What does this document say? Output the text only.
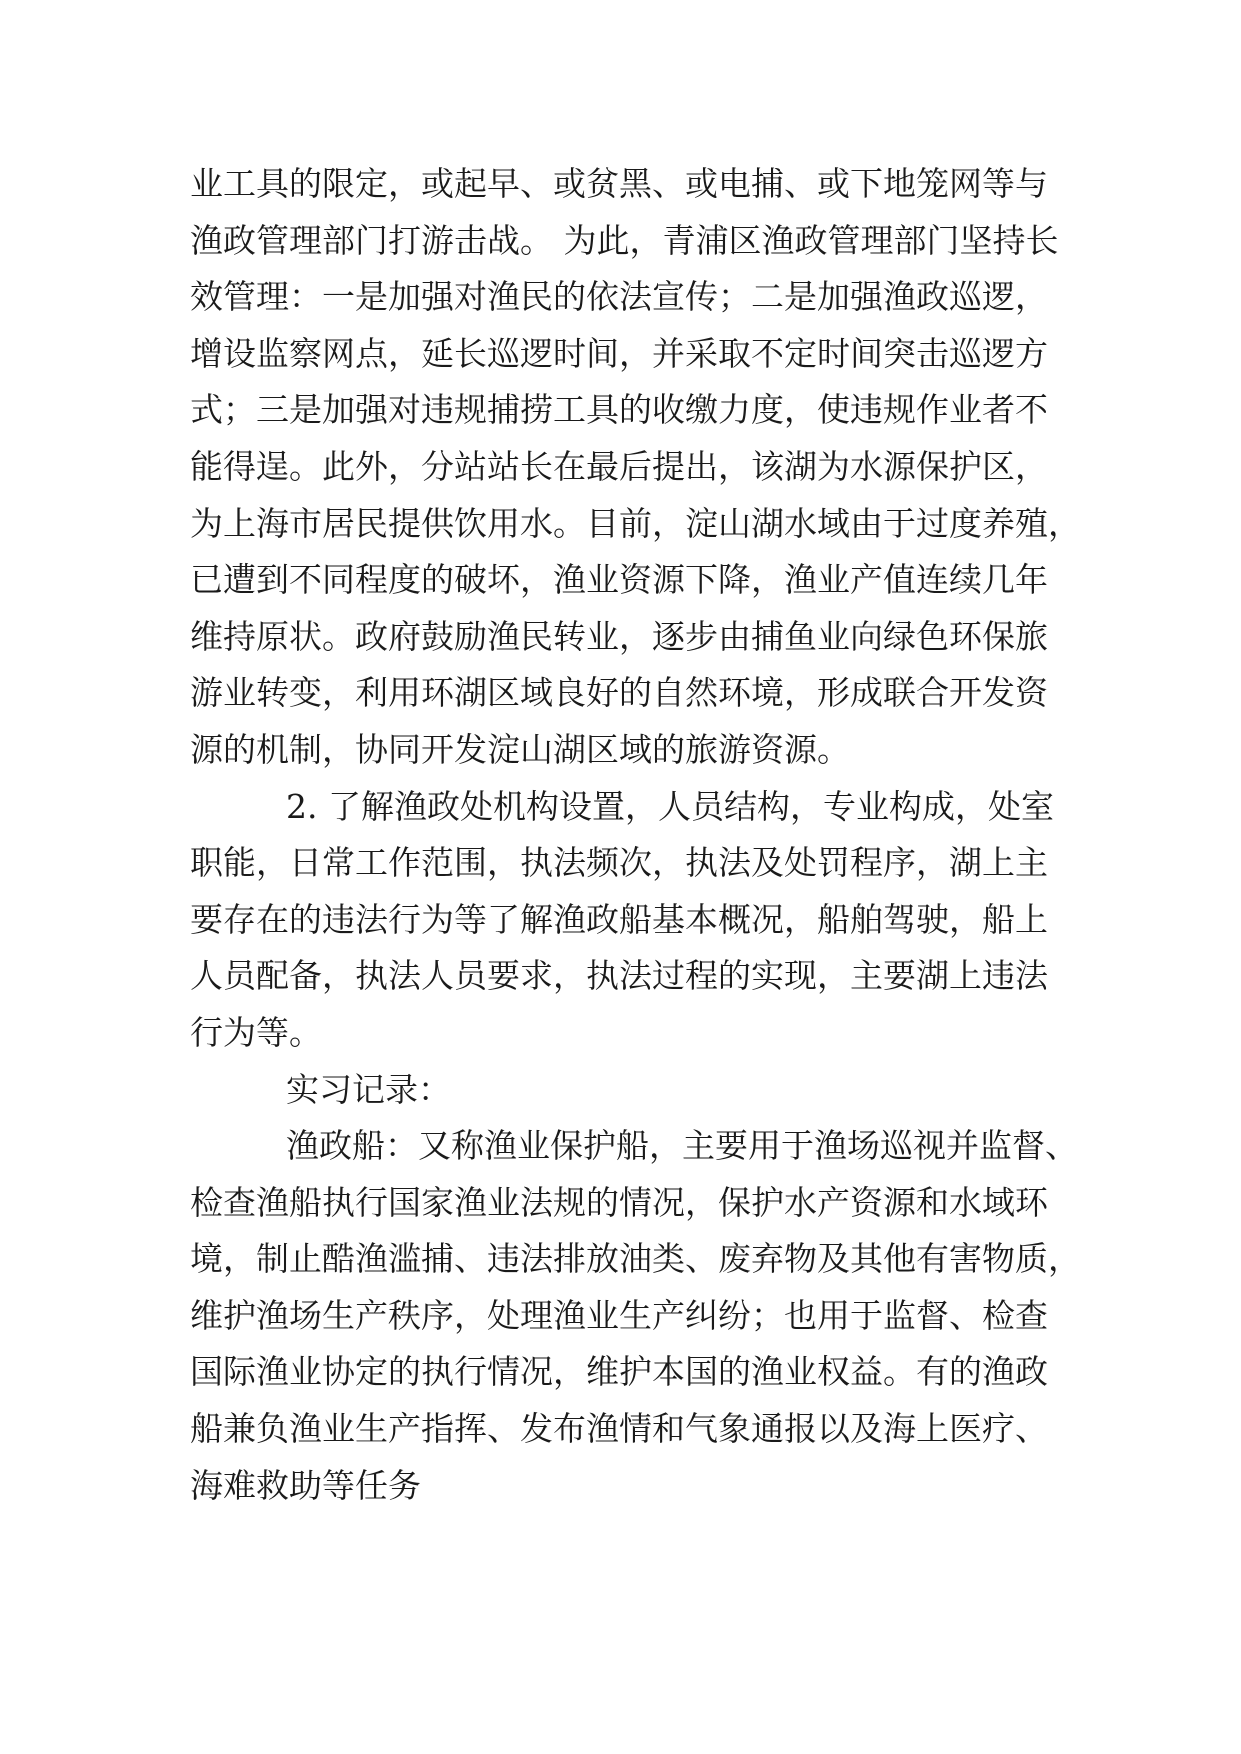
业工具的限定，或起早、或贫黑、或电捕、或下地笼网等与
渔政管理部门打游击战。 为此，青浦区渔政管理部门坚持长
效管理：一是加强对渔民的依法宣传；二是加强渔政巡逻，
增设监察网点，延长巡逻时间，并采取不定时间突击巡逻方
式；三是加强对违规捕捞工具的收缴力度，使违规作业者不
能得逞。此外，分站站长在最后提出，该湖为水源保护区，
为上海市居民提供饮用水。目前，淀山湖水域由于过度养殖，
已遭到不同程度的破坏，渔业资源下降，渔业产值连续几年
维持原状。政府鼓励渔民转业，逐步由捕鱼业向绿色环保旅
游业转变，利用环湖区域良好的自然环境，形成联合开发资
源的机制，协同开发淀山湖区域的旅游资源。
2. 了解渔政处机构设置，人员结构，专业构成，处室
职能，日常工作范围，执法频次，执法及处罚程序，湖上主
要存在的违法行为等了解渔政船基本概况，船舶驾驶，船上
人员配备，执法人员要求，执法过程的实现，主要湖上违法
行为等。
实习记录：
渔政船：又称渔业保护船，主要用于渔场巡视并监督、
检查渔船执行国家渔业法规的情况，保护水产资源和水域环
境，制止酷渔滥捕、违法排放油类、废弃物及其他有害物质，
维护渔场生产秩序，处理渔业生产纠纷；也用于监督、检查
国际渔业协定的执行情况，维护本国的渔业权益。有的渔政
船兼负渔业生产指挥、发布渔情和气象通报以及海上医疗、
海难救助等任务
